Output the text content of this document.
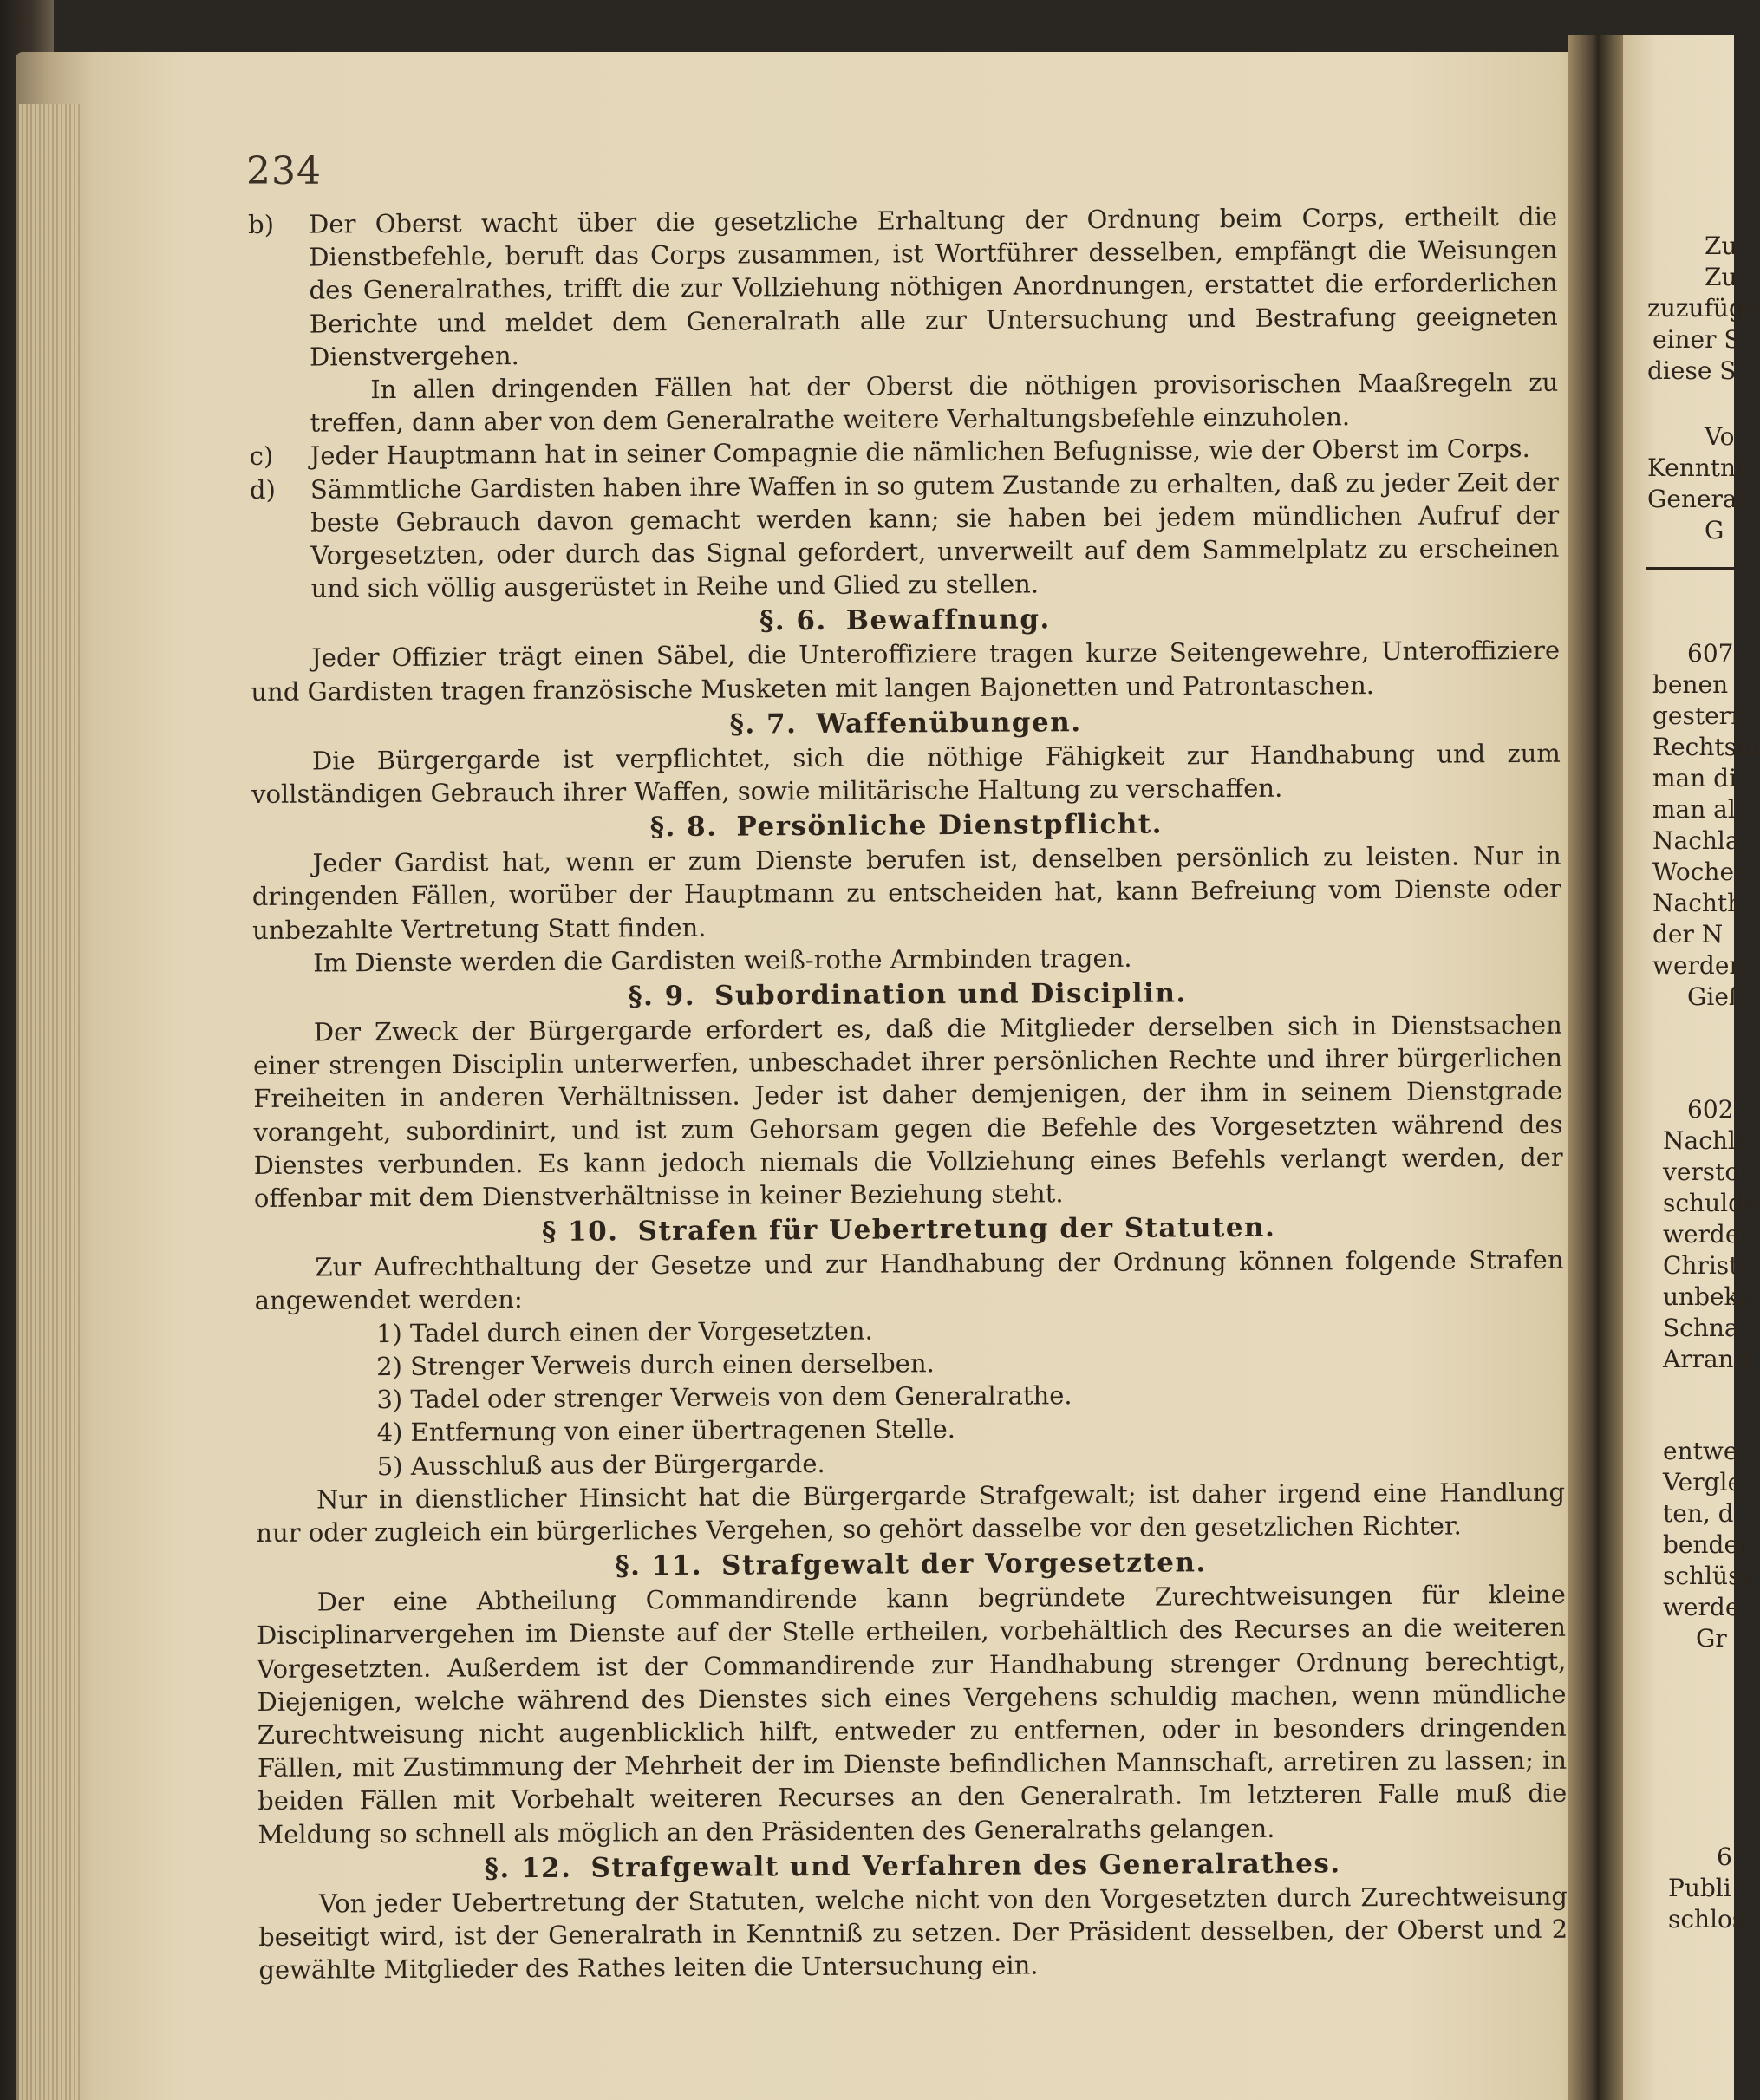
234
b)	Der Oberst wacht über die gesetzliche Erhaltung der Ordnung beim Corps, ertheilt die Dienstbefehle, beruft das Corps zusammen, ist Wortführer desselben, empfängt die Weisungen des Generalrathes, trifft die zur Vollziehung nöthigen Anordnungen, erstattet die erforderlichen Berichte und meldet dem Generalrath alle zur Untersuchung und Bestrafung geeigneten Dienstvergehen.

In allen dringenden Fällen hat der Oberst die nöthigen provisorischen Maaßregeln zu treffen, dann aber von dem Generalrathe weitere Verhaltungsbefehle einzuholen.

c)	Jeder Hauptmann hat in seiner Compagnie die nämlichen Befugnisse, wie der Oberst im Corps.
d)	Sämmtliche Gardisten haben ihre Waffen in so gutem Zustande zu erhalten, daß zu jeder Zeit der beste Gebrauch davon gemacht werden kann; sie haben bei jedem mündlichen Aufruf der Vorgesetzten, oder durch das Signal gefordert, unverweilt auf dem Sammelplatz zu erscheinen und sich völlig ausgerüstet in Reihe und Glied zu stellen.
§. 6. Bewaffnung.

Jeder Offizier trägt einen Säbel, die Unteroffiziere tragen kurze Seitengewehre, Unteroffiziere und Gardisten tragen französische Musketen mit langen Bajonetten und Patrontaschen.

§. 7. Waffenübungen.

Die Bürgergarde ist verpflichtet, sich die nöthige Fähigkeit zur Handhabung und zum vollständigen Gebrauch ihrer Waffen, sowie militärische Haltung zu verschaffen.

§. 8. Persönliche Dienstpflicht.

Jeder Gardist hat, wenn er zum Dienste berufen ist, denselben persönlich zu leisten. Nur in dringenden Fällen, worüber der Hauptmann zu entscheiden hat, kann Befreiung vom Dienste oder unbezahlte Vertretung Statt finden.

Im Dienste werden die Gardisten weiß-rothe Armbinden tragen.

§. 9. Subordination und Disciplin.

Der Zweck der Bürgergarde erfordert es, daß die Mitglieder derselben sich in Dienstsachen einer strengen Disciplin unterwerfen, unbeschadet ihrer persönlichen Rechte und ihrer bürgerlichen Freiheiten in anderen Verhältnissen. Jeder ist daher demjenigen, der ihm in seinem Dienstgrade vorangeht, subordinirt, und ist zum Gehorsam gegen die Befehle des Vorgesetzten während des Dienstes verbunden. Es kann jedoch niemals die Vollziehung eines Befehls verlangt werden, der offenbar mit dem Dienstverhältnisse in keiner Beziehung steht.

§ 10. Strafen für Uebertretung der Statuten.

Zur Aufrechthaltung der Gesetze und zur Handhabung der Ordnung können folgende Strafen angewendet werden:

1) Tadel durch einen der Vorgesetzten.

2) Strenger Verweis durch einen derselben.

3) Tadel oder strenger Verweis von dem Generalrathe.

4) Entfernung von einer übertragenen Stelle.

5) Ausschluß aus der Bürgergarde.

Nur in dienstlicher Hinsicht hat die Bürgergarde Strafgewalt; ist daher irgend eine Handlung nur oder zugleich ein bürgerliches Vergehen, so gehört dasselbe vor den gesetzlichen Richter.

§. 11. Strafgewalt der Vorgesetzten.

Der eine Abtheilung Commandirende kann begründete Zurechtweisungen für kleine Disciplinarvergehen im Dienste auf der Stelle ertheilen, vorbehältlich des Recurses an die weiteren Vorgesetzten. Außerdem ist der Commandirende zur Handhabung strenger Ordnung berechtigt, Diejenigen, welche während des Dienstes sich eines Vergehens schuldig machen, wenn mündliche Zurechtweisung nicht augenblicklich hilft, entweder zu entfernen, oder in besonders dringenden Fällen, mit Zustimmung der Mehrheit der im Dienste befindlichen Mannschaft, arretiren zu lassen; in beiden Fällen mit Vorbehalt weiteren Recurses an den Generalrath. Im letzteren Falle muß die Meldung so schnell als möglich an den Präsidenten des Generalraths gelangen.

§. 12. Strafgewalt und Verfahren des Generalrathes.

Von jeder Uebertretung der Statuten, welche nicht von den Vorgesetzten durch Zurechtweisung beseitigt wird, ist der Generalrath in Kenntniß zu setzen. Der Präsident desselben, der Oberst und 2 gewählte Mitglieder des Rathes leiten die Untersuchung ein.

Zu
Zu
zuzufüge
einer S
diese S
Vo
Kenntni
General
G
607
benen
gestern
Rechtsm
man di
man al
Nachla
Wocher
Nachth
der N
werden
Gieß
602
Nachla
verstor
schulde
werder
Christo
unbeka
Schna
Arrang
entwe
Vergle
ten, d
bender
schlüss
werde
Gr
6
Publi
schloss
